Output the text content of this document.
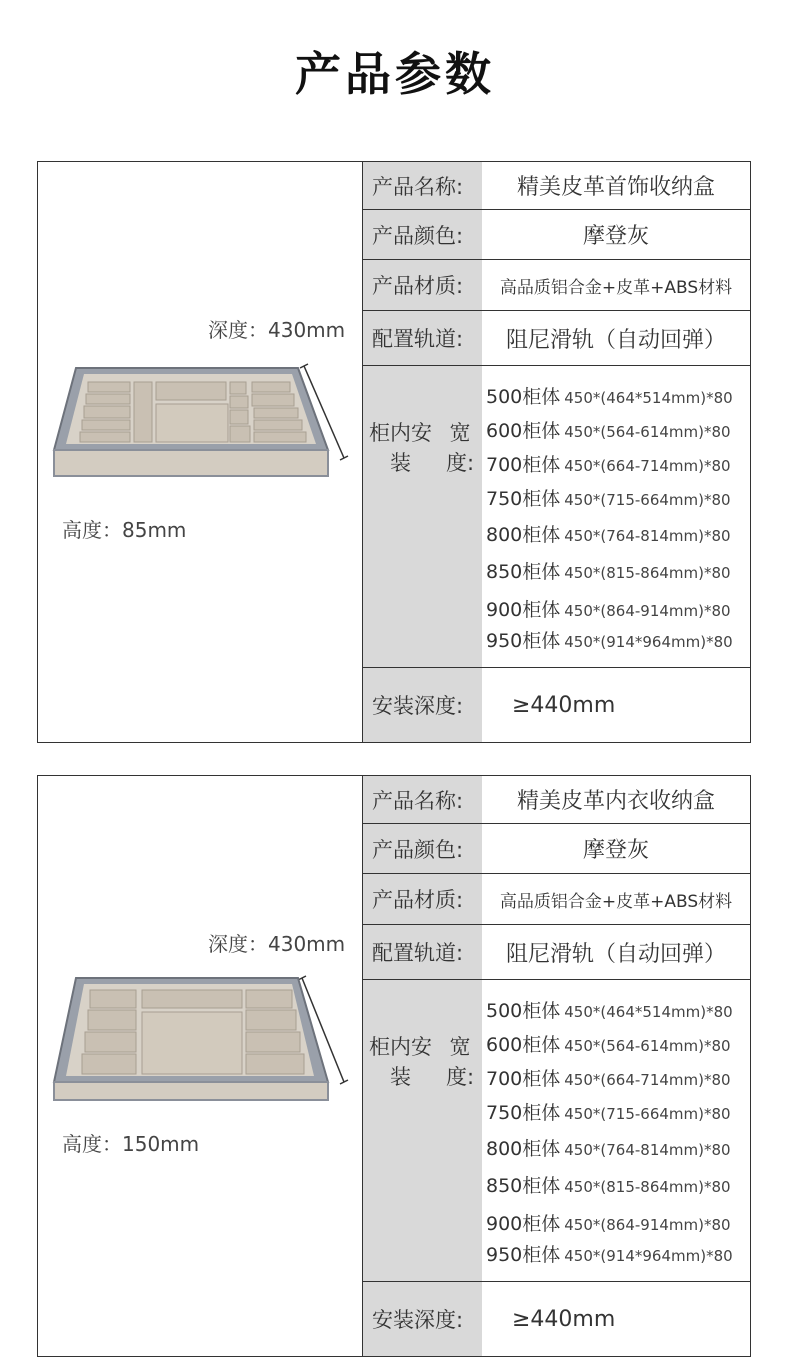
产品参数
深度：430mm
高度：85mm
产品名称:	精美皮革首饰收纳盒
产品颜色:	摩登灰
产品材质:	高品质铝合金+皮革+ABS材料
配置轨道:	阻尼滑轨（自动回弹）
柜内安装

宽度:
500柜体 450*(464*514mm)*80
600柜体 450*(564-614mm)*80
700柜体 450*(664-714mm)*80
750柜体 450*(715-664mm)*80
800柜体 450*(764-814mm)*80
850柜体 450*(815-864mm)*80
900柜体 450*(864-914mm)*80
950柜体 450*(914*964mm)*80
安装深度:	≥440mm
深度：430mm
高度：150mm
产品名称:	精美皮革内衣收纳盒
产品颜色:	摩登灰
产品材质:	高品质铝合金+皮革+ABS材料
配置轨道:	阻尼滑轨（自动回弹）
柜内安装

宽度:
500柜体 450*(464*514mm)*80
600柜体 450*(564-614mm)*80
700柜体 450*(664-714mm)*80
750柜体 450*(715-664mm)*80
800柜体 450*(764-814mm)*80
850柜体 450*(815-864mm)*80
900柜体 450*(864-914mm)*80
950柜体 450*(914*964mm)*80
安装深度:	≥440mm
